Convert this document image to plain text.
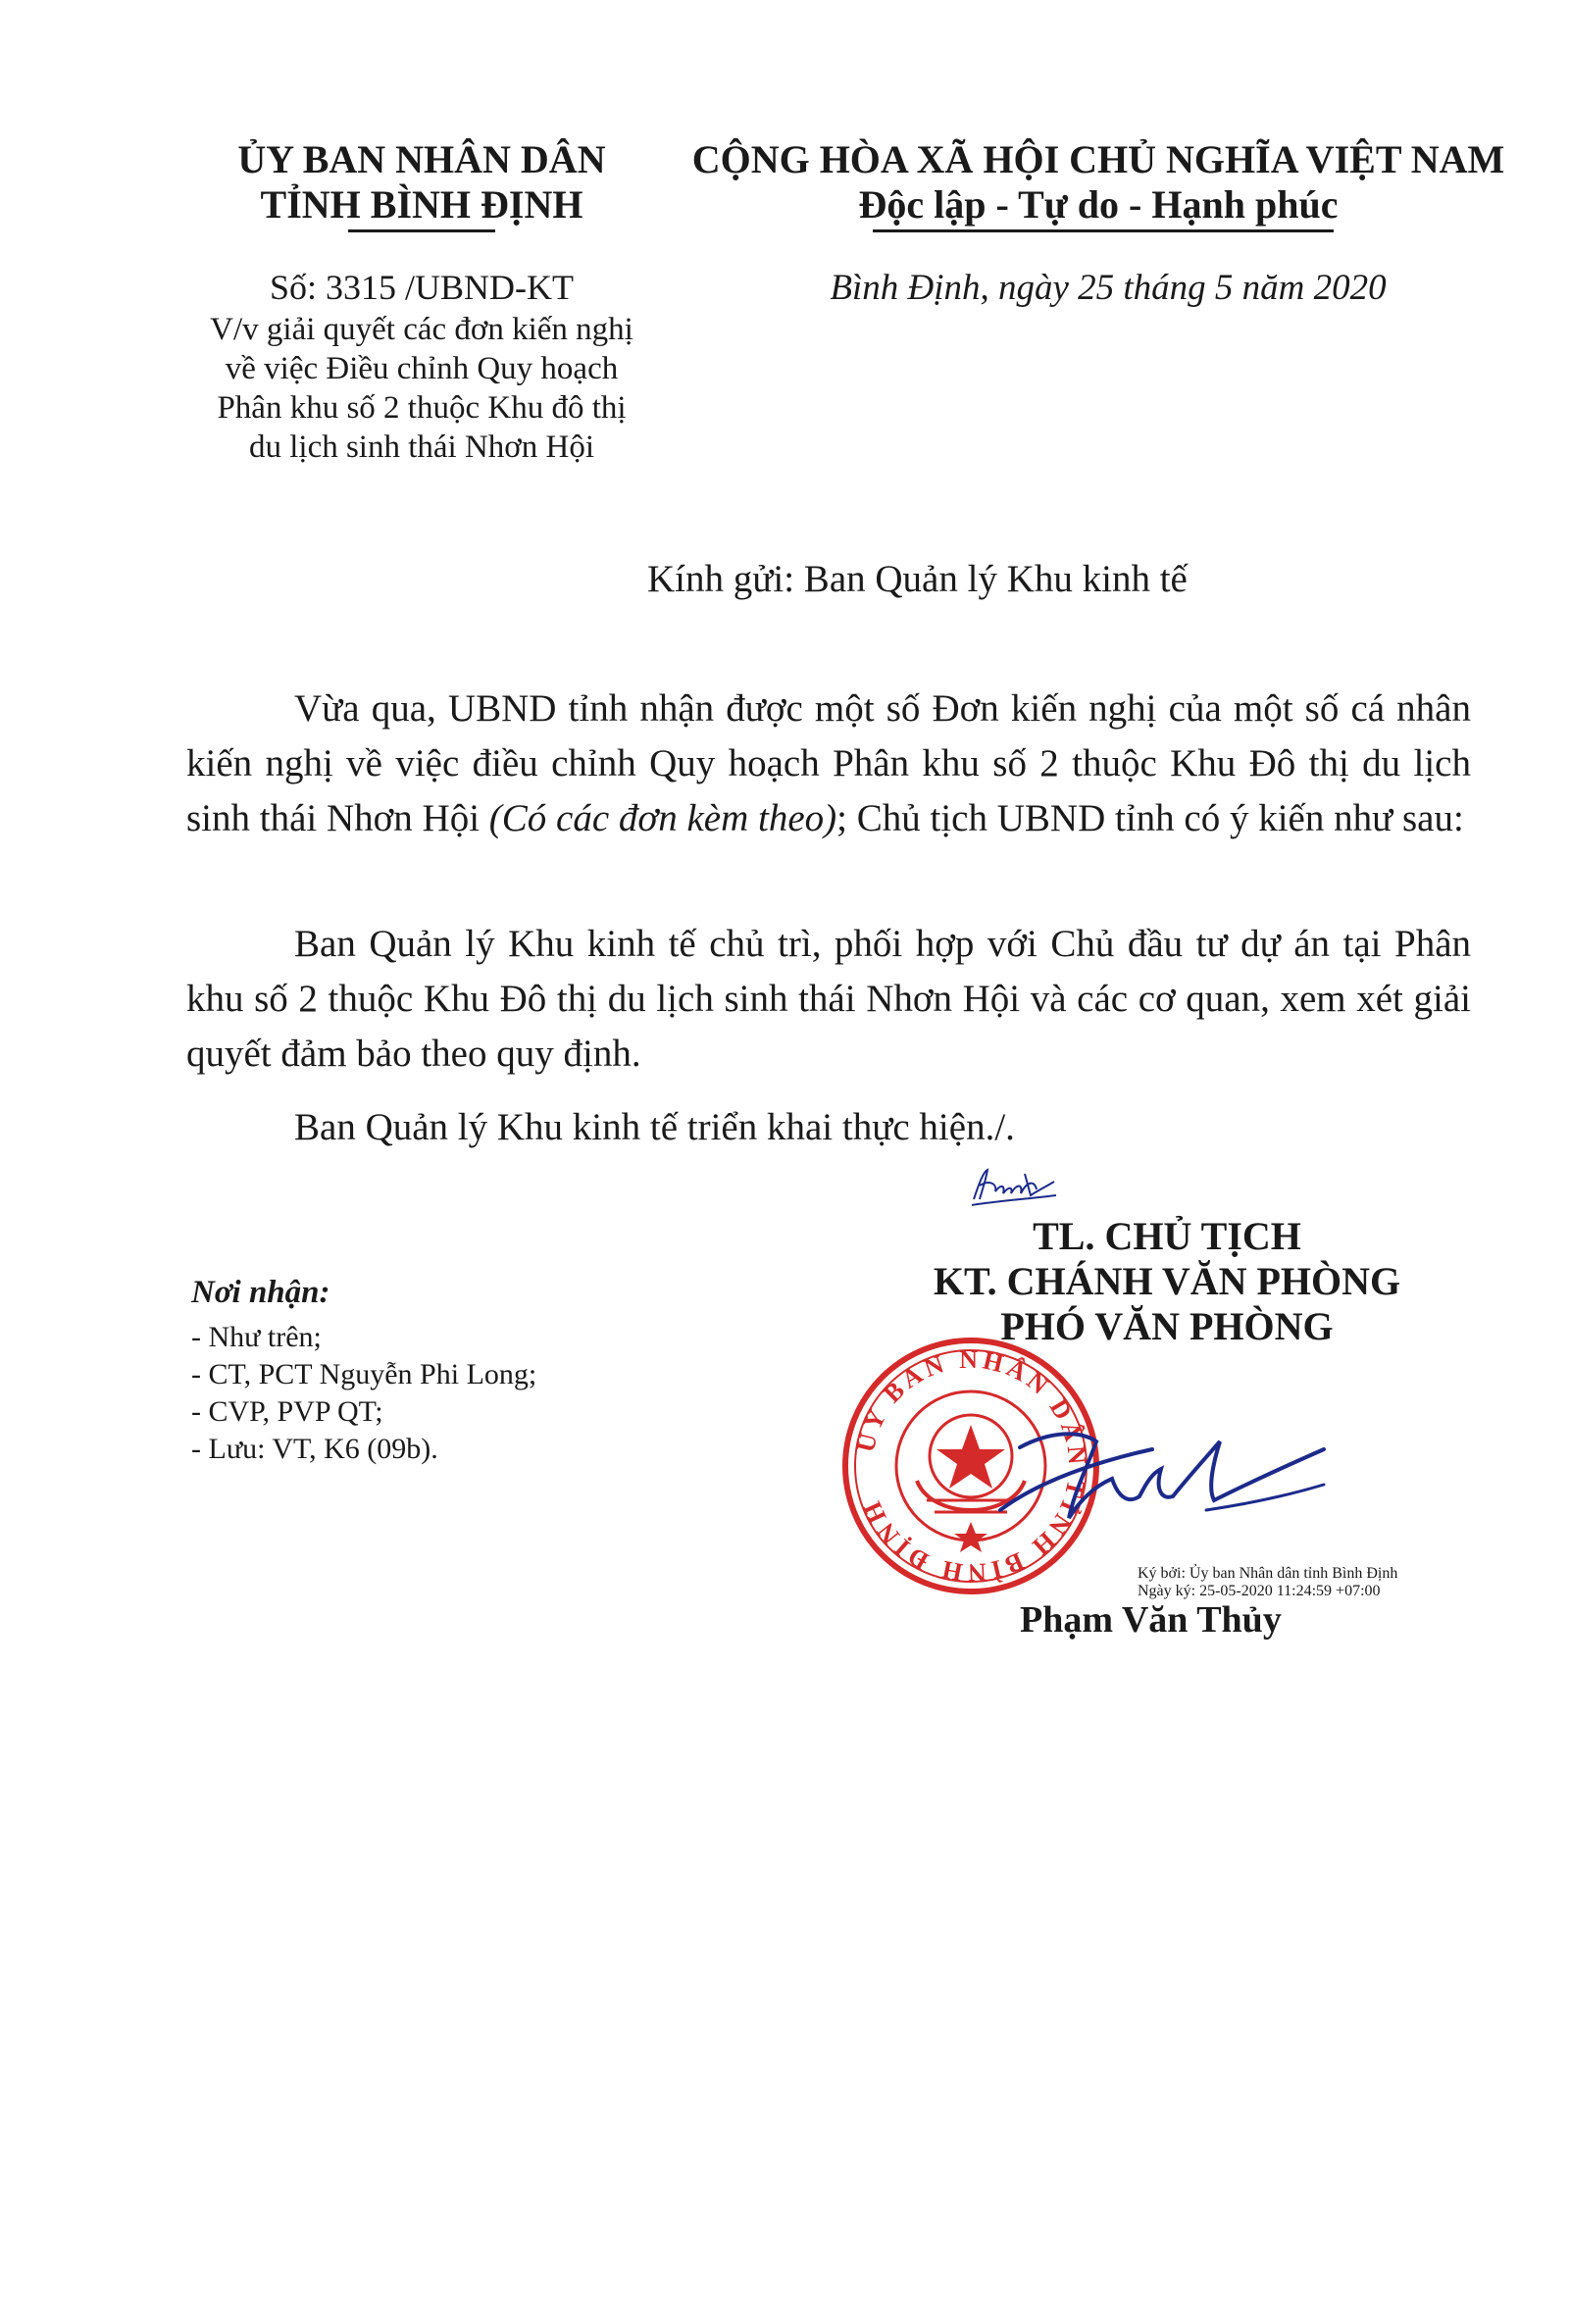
ỦY BAN NHÂN DÂN
TỈNH BÌNH ĐỊNH
CỘNG HÒA XÃ HỘI CHỦ NGHĨA VIỆT NAM
Độc lập - Tự do - Hạnh phúc
Số: 3315 /UBND-KT
V/v giải quyết các đơn kiến nghị
về việc Điều chỉnh Quy hoạch
Phân khu số 2 thuộc Khu đô thị
du lịch sinh thái Nhơn Hội
Bình Định, ngày 25 tháng 5 năm 2020
Kính gửi: Ban Quản lý Khu kinh tế

Vừa qua, UBND tỉnh nhận được một số Đơn kiến nghị của một số cá nhân kiến nghị về việc điều chỉnh Quy hoạch Phân khu số 2 thuộc Khu Đô thị du lịch sinh thái Nhơn Hội (Có các đơn kèm theo); Chủ tịch UBND tỉnh có ý kiến như sau:

Ban Quản lý Khu kinh tế chủ trì, phối hợp với Chủ đầu tư dự án tại Phân khu số 2 thuộc Khu Đô thị du lịch sinh thái Nhơn Hội và các cơ quan, xem xét giải quyết đảm bảo theo quy định.

Ban Quản lý Khu kinh tế triển khai thực hiện./.

TL. CHỦ TỊCH
KT. CHÁNH VĂN PHÒNG
PHÓ VĂN PHÒNG
Nơi nhận:
- Như trên;
- CT, PCT Nguyễn Phi Long;
- CVP, PVP QT;
- Lưu: VT, K6 (09b).	UY BAN NHÂN DÂN TỈNH BÌNH ĐỊNH
Ký bởi: Ủy ban Nhân dân tỉnh Bình Định
Ngày ký: 25-05-2020 11:24:59 +07:00
Phạm Văn Thủy
